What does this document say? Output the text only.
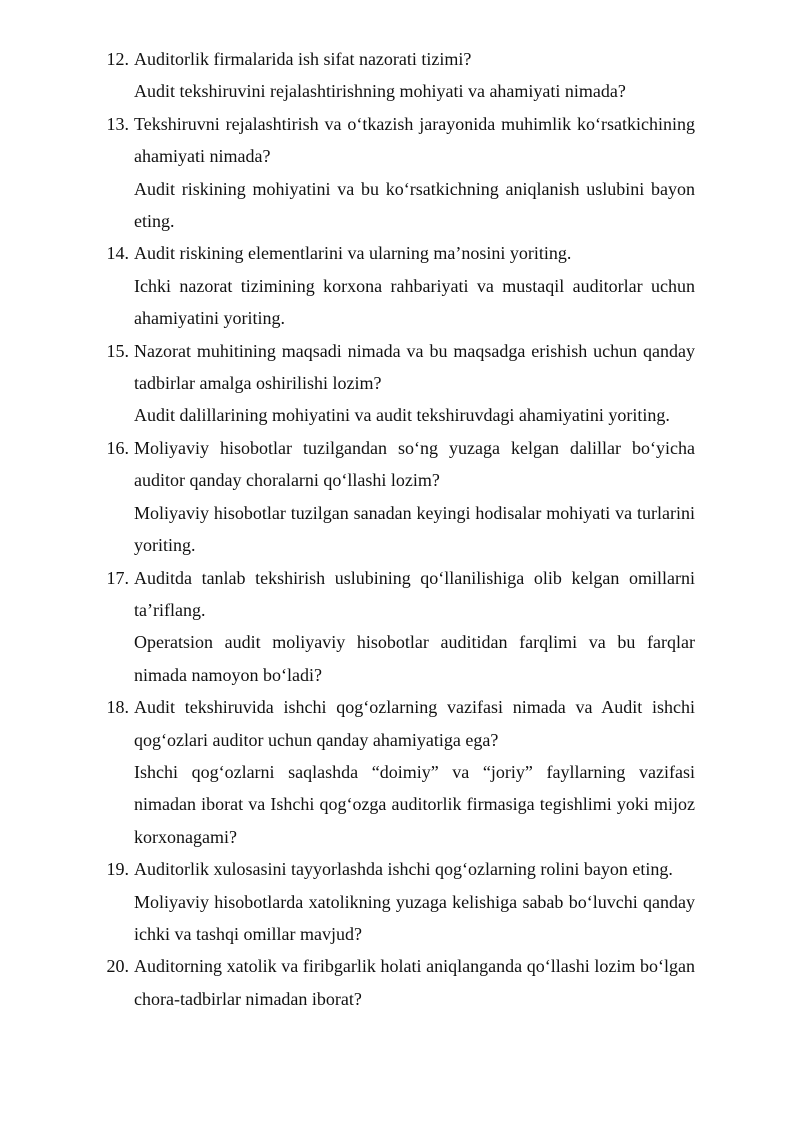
12. Auditorlik firmalarida ish sifat nazorati tizimi?

Audit tekshiruvini rejalashtirishning mohiyati va ahamiyati nimada?

13. Tekshiruvni rejalashtirish va o‘tkazish jarayonida muhimlik ko‘rsatkichining ahamiyati nimada?

Audit riskining mohiyatini va bu ko‘rsatkichning aniqlanish uslubini bayon eting.

14. Audit riskining elementlarini va ularning ma’nosini yoriting.

Ichki nazorat tizimining korxona rahbariyati va mustaqil auditorlar uchun ahamiyatini yoriting.

15. Nazorat muhitining maqsadi nimada va bu maqsadga erishish uchun qanday tadbirlar amalga oshirilishi lozim?

Audit dalillarining mohiyatini va audit tekshiruvdagi ahamiyatini yoriting.

16. Moliyaviy hisobotlar tuzilgandan so‘ng yuzaga kelgan dalillar bo‘yicha auditor qanday choralarni qo‘llashi lozim?

Moliyaviy hisobotlar tuzilgan sanadan keyingi hodisalar mohiyati va turlarini yoriting.

17. Auditda tanlab tekshirish uslubining qo‘llanilishiga olib kelgan omillarni ta’riflang.

Operatsion audit moliyaviy hisobotlar auditidan farqlimi va bu farqlar nimada namoyon bo‘ladi?

18. Audit tekshiruvida ishchi qog‘ozlarning vazifasi nimada va Audit ishchi qog‘ozlari auditor uchun qanday ahamiyatiga ega?

Ishchi qog‘ozlarni saqlashda “doimiy” va “joriy” fayllarning vazifasi nimadan iborat va Ishchi qog‘ozga auditorlik firmasiga tegishlimi yoki mijoz korxonagami?

19. Auditorlik xulosasini tayyorlashda ishchi qog‘ozlarning rolini bayon eting.

Moliyaviy hisobotlarda xatolikning yuzaga kelishiga sabab bo‘luvchi qanday ichki va tashqi omillar mavjud?

20. Auditorning xatolik va firibgarlik holati aniqlanganda qo‘llashi lozim bo‘lgan chora-tadbirlar nimadan iborat?
